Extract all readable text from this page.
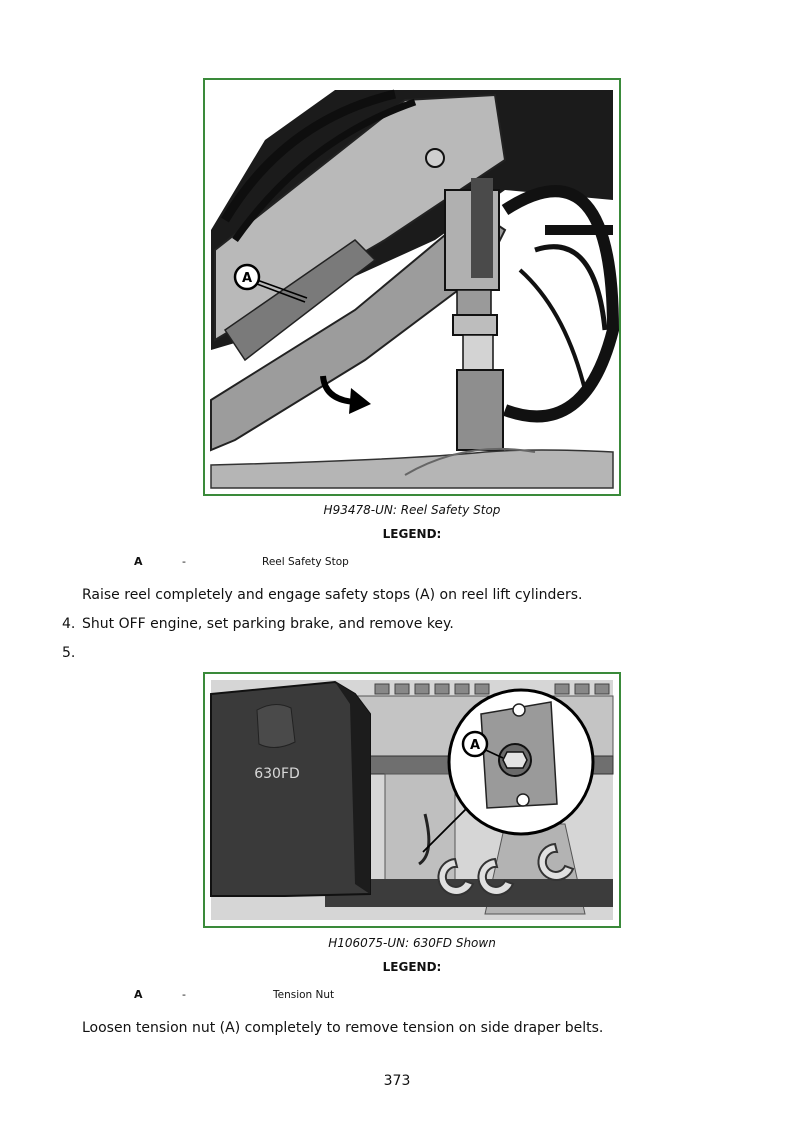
A
H93478-UN: Reel Safety Stop
LEGEND:
A	-	Reel Safety Stop
Raise reel completely and engage safety stops (A) on reel lift cylinders.
4. Shut OFF engine, set parking brake, and remove key.
5.
630FD
A
H106075-UN: 630FD Shown
LEGEND:
A	-	Tension Nut
Loosen tension nut (A) completely to remove tension on side draper belts.
373
